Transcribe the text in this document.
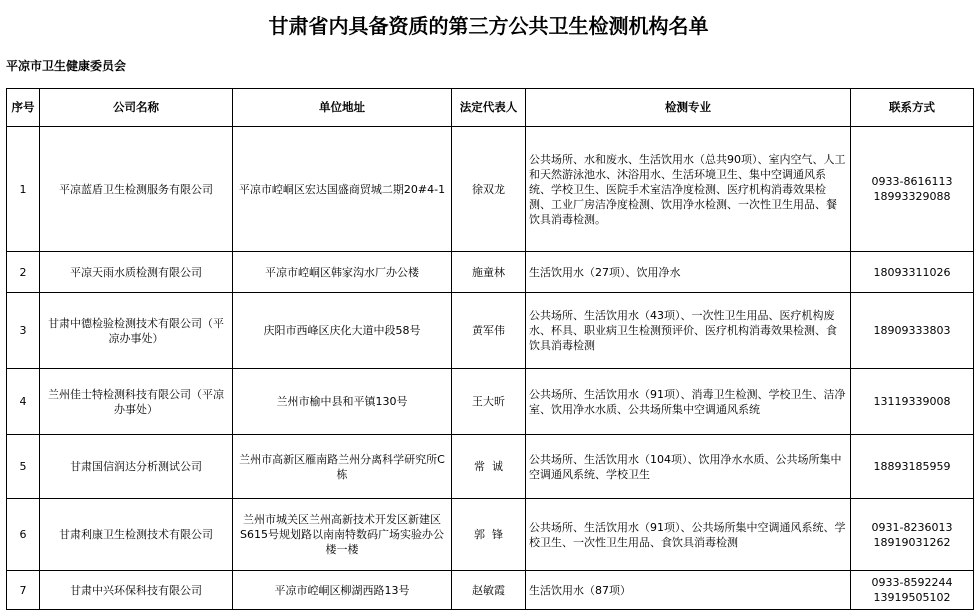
甘肃省内具备资质的第三方公共卫生检测机构名单
平凉市卫生健康委员会
序号	公司名称	单位地址	法定代表人	检测专业	联系方式
1	平凉蓝盾卫生检测服务有限公司	平凉市崆峒区宏达国盛商贸城二期20#4-1	徐双龙	公共场所、水和废水、生活饮用水（总共90项）、室内空气、人工和天然游泳池水、沐浴用水、生活环境卫生、集中空调通风系统、学校卫生、医院手术室洁净度检测、医疗机构消毒效果检测、工业厂房洁净度检测、饮用净水检测、一次性卫生用品、餐饮具消毒检测。	0933-8616113
18993329088
2	平凉天雨水质检测有限公司	平凉市崆峒区韩家沟水厂办公楼	施童林	生活饮用水（27项）、饮用净水	18093311026
3	甘肃中德检验检测技术有限公司（平凉办事处）	庆阳市西峰区庆化大道中段58号	黄军伟	公共场所、生活饮用水（43项）、一次性卫生用品、医疗机构废水、杯具、职业病卫生检测预评价、医疗机构消毒效果检测、食饮具消毒检测	18909333803
4	兰州佳士特检测科技有限公司（平凉办事处）	兰州市榆中县和平镇130号	王大昕	公共场所、生活饮用水（91项）、消毒卫生检测、学校卫生、洁净室、饮用净水水质、公共场所集中空调通风系统	13119339008
5	甘肃国信润达分析测试公司	兰州市高新区雁南路兰州分离科学研究所C栋	常  诚	公共场所、生活饮用水（104项）、饮用净水水质、公共场所集中空调通风系统、学校卫生	18893185959
6	甘肃利康卫生检测技术有限公司	兰州市城关区兰州高新技术开发区新建区S615号规划路以南南特数码广场实验办公楼一楼	郭  锋	公共场所、生活饮用水（91项）、公共场所集中空调通风系统、学校卫生、一次性卫生用品、食饮具消毒检测	0931-8236013
18919031262
7	甘肃中兴环保科技有限公司	平凉市崆峒区柳湖西路13号	赵敏霞	生活饮用水（87项）	0933-8592244
13919505102
